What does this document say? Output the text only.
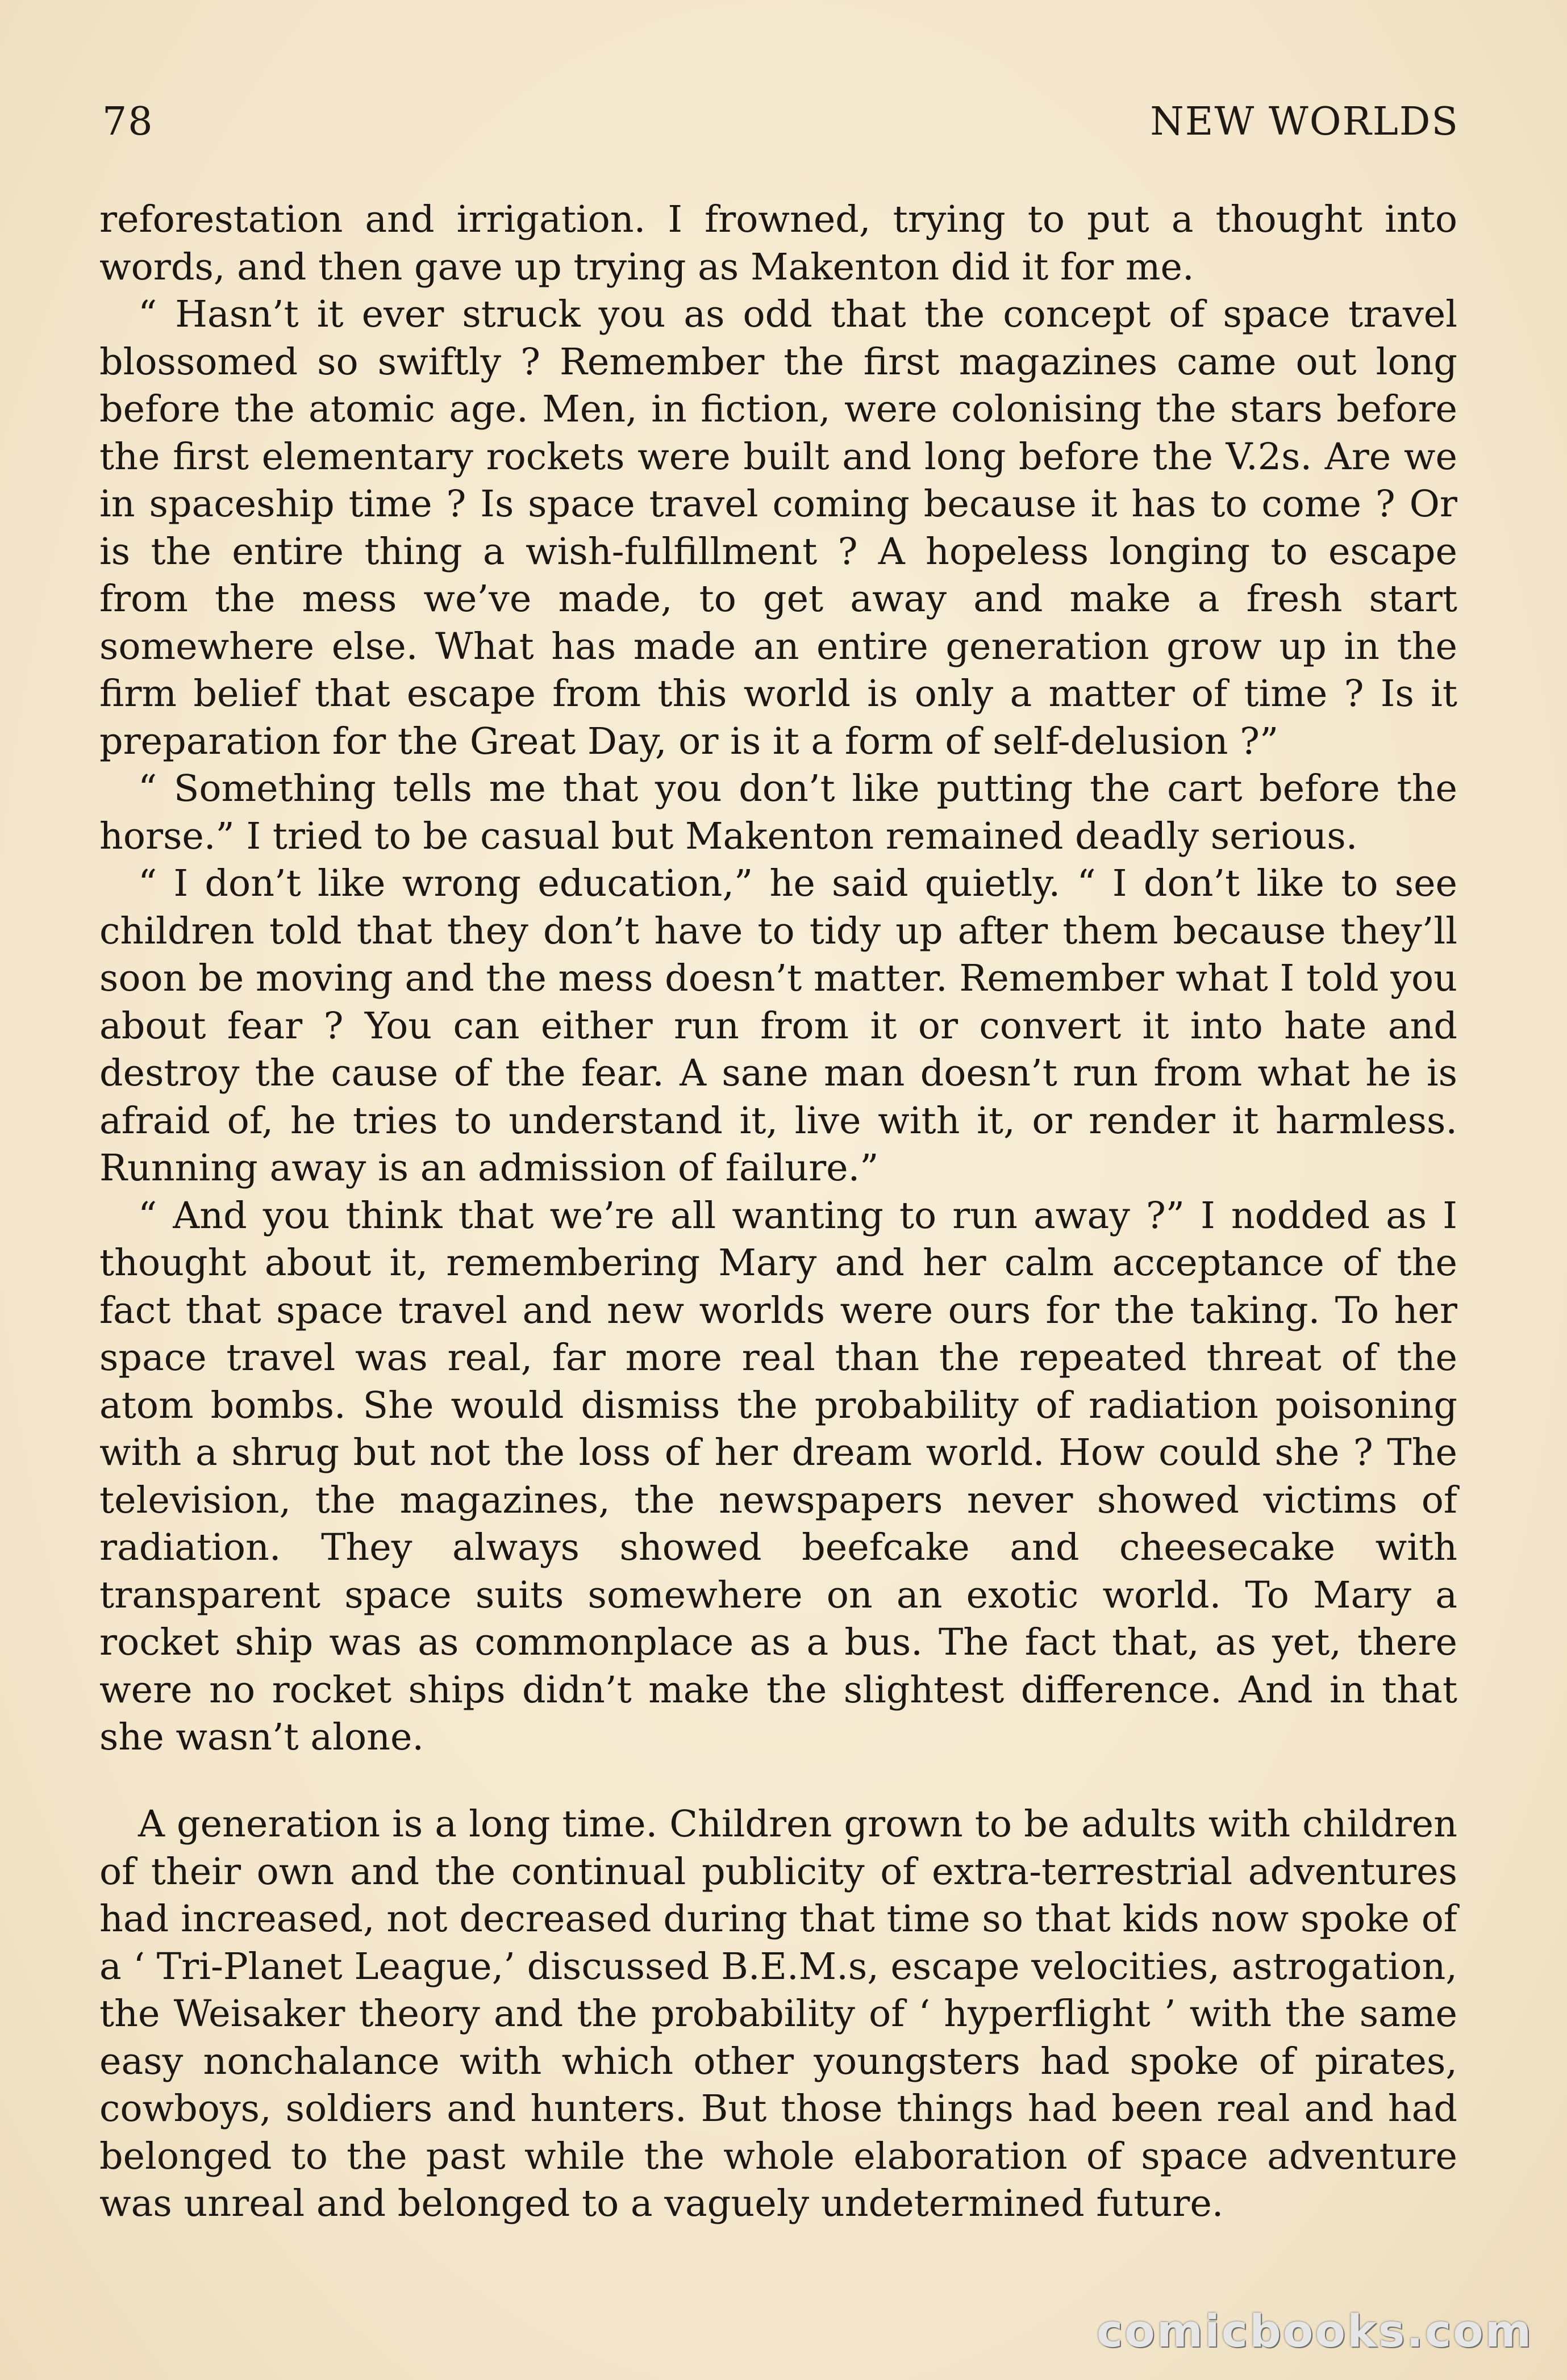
78	NEW WORLDS

reforestation and irrigation. I frowned, trying to put a thought into words, and then gave up trying as Makenton did it for me.

“ Hasn’t it ever struck you as odd that the concept of space travel blossomed so swiftly ? Remember the first magazines came out long before the atomic age. Men, in fiction, were colonising the stars before the first elementary rockets were built and long before the V.2s. Are we in spaceship time ? Is space travel coming because it has to come ? Or is the entire thing a wish-fulfillment ? A hopeless longing to escape from the mess we’ve made, to get away and make a fresh start somewhere else. What has made an entire generation grow up in the firm belief that escape from this world is only a matter of time ? Is it preparation for the Great Day, or is it a form of self-delusion ?”

“ Something tells me that you don’t like putting the cart before the horse.” I tried to be casual but Makenton remained deadly serious.

“ I don’t like wrong education,” he said quietly. “ I don’t like to see children told that they don’t have to tidy up after them because they’ll soon be moving and the mess doesn’t matter. Remember what I told you about fear ? You can either run from it or convert it into hate and destroy the cause of the fear. A sane man doesn’t run from what he is afraid of, he tries to understand it, live with it, or render it harmless. Running away is an admission of failure.”

“ And you think that we’re all wanting to run away ?” I nodded as I thought about it, remembering Mary and her calm acceptance of the fact that space travel and new worlds were ours for the taking. To her space travel was real, far more real than the repeated threat of the atom bombs. She would dismiss the probability of radiation poisoning with a shrug but not the loss of her dream world. How could she ? The television, the magazines, the newspapers never showed victims of radiation. They always showed beefcake and cheesecake with transparent space suits somewhere on an exotic world. To Mary a rocket ship was as commonplace as a bus. The fact that, as yet, there were no rocket ships didn’t make the slightest difference. And in that she wasn’t alone.

A generation is a long time. Children grown to be adults with children of their own and the continual publicity of extra-terrestrial adventures had increased, not decreased during that time so that kids now spoke of a ‘ Tri-Planet League,’ discussed B.E.M.s, escape velocities, astrogation, the Weisaker theory and the probability of ‘ hyperflight ’ with the same easy nonchalance with which other youngsters had spoke of pirates, cowboys, soldiers and hunters. But those things had been real and had belonged to the past while the whole elaboration of space adventure was unreal and belonged to a vaguely undetermined future.

comicbooks.com
